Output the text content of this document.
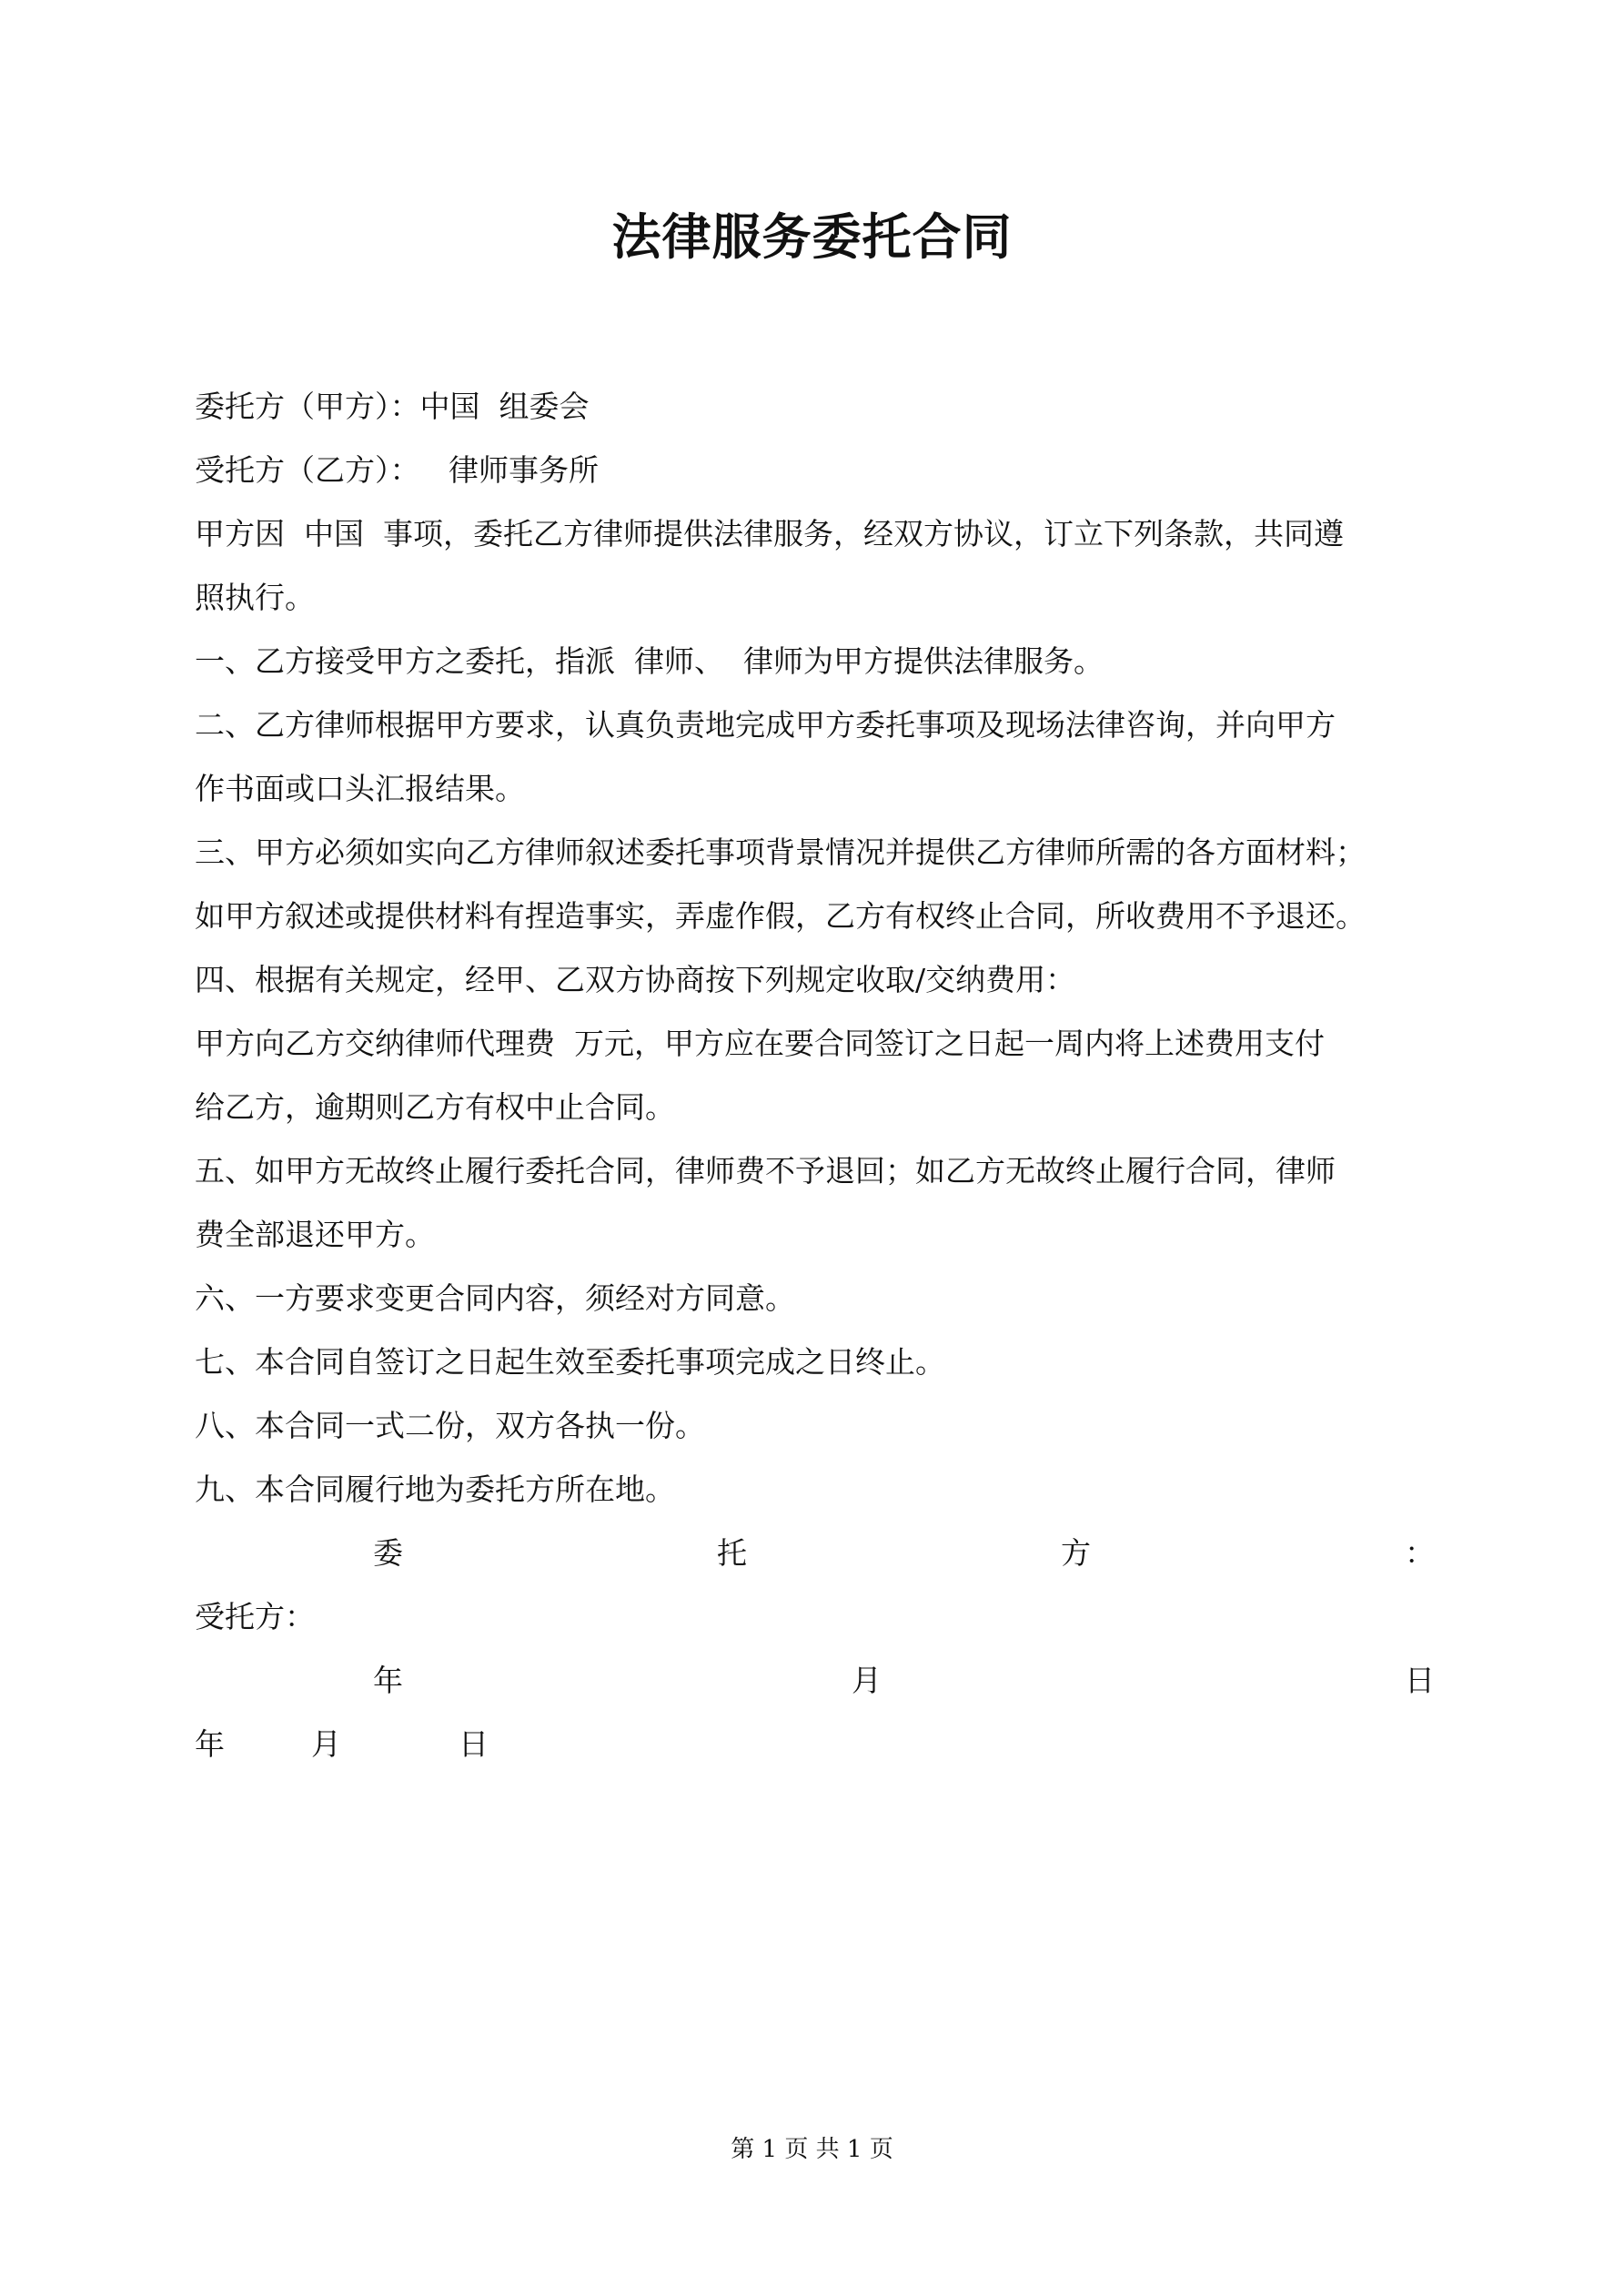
法律服务委托合同
委托方（甲方）：中国  组委会
受托方（乙方）：   律师事务所
甲方因  中国  事项，委托乙方律师提供法律服务，经双方协议，订立下列条款，共同遵
照执行。
一、乙方接受甲方之委托，指派  律师、  律师为甲方提供法律服务。
二、乙方律师根据甲方要求，认真负责地完成甲方委托事项及现场法律咨询，并向甲方
作书面或口头汇报结果。
三、甲方必须如实向乙方律师叙述委托事项背景情况并提供乙方律师所需的各方面材料；
如甲方叙述或提供材料有捏造事实，弄虚作假，乙方有权终止合同，所收费用不予退还。
四、根据有关规定，经甲、乙双方协商按下列规定收取/交纳费用：
甲方向乙方交纳律师代理费  万元，甲方应在要合同签订之日起一周内将上述费用支付
给乙方，逾期则乙方有权中止合同。
五、如甲方无故终止履行委托合同，律师费不予退回；如乙方无故终止履行合同，律师
费全部退还甲方。
六、一方要求变更合同内容，须经对方同意。
七、本合同自签订之日起生效至委托事项完成之日终止。
八、本合同一式二份，双方各执一份。
九、本合同履行地为委托方所在地。
委	托	方	：
受托方：
年	月	日
年	月	日
第 1 页 共 1 页
